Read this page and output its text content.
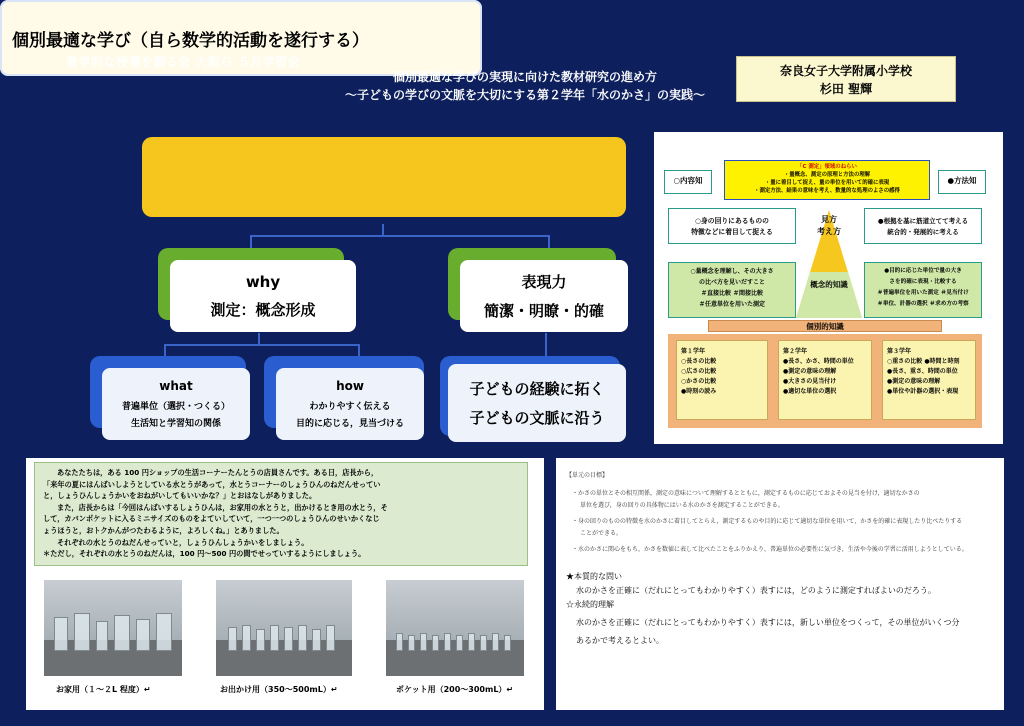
数学的な授業を創る会 大阪Ｇ ５月学習会
個別最適な学びの実現に向けた教材研究の進め方
～子どもの学びの文脈を大切にする第２学年「水のかさ」の実践～
奈良女子大学附属小学校
杉田 聖輝
個別最適な学び（自ら数学的活動を遂行する）
why
測定：概念形成
表現力
簡潔・明瞭・的確
what
普遍単位（選択・つくる）
生活知と学習知の関係
how
わかりやすく伝える
目的に応じる，見当づける
子どもの経験に拓く
子どもの文脈に沿う
○内容知	●方法知
「C 測定」領域のねらい
・量概念、測定の原理と方法の理解
・量に着目して捉え、量の単位を用いて的確に表現
・測定方法、結果の意味を考え、数量的な処理のよさの感得
見方
考え方
概念的知識
○身の回りにあるものの
特徴などに着目して捉える
●根拠を基に筋道立てて考える
統合的・発展的に考える
○量概念を理解し、その大きさ
の比べ方を見いだすこと
＃直接比較 ＃間接比較
＃任意単位を用いた測定
●目的に応じた単位で量の大き
さを的確に表現・比較する
＃普遍単位を用いた測定 ＃見当付け
＃単位、計器の選択 ＃求め方の考察
個別的知識
第１学年
○長さの比較
○広さの比較
○かさの比較
●時刻の読み
第２学年
●長さ、かさ、時間の単位
●測定の意味の理解
●大きさの見当付け
●適切な単位の選択
第３学年
○重さの比較 ●時間と時刻
●長さ、重さ、時間の単位
●測定の意味の理解
●単位や計器の選択・表現
あなたたちは，ある 100 円ショップの生活コーナーたんとうの店員さんです。ある日，店長から，
「来年の夏にはんばいしようとしている水とうがあって，水とうコーナーのしょうひんのねだんせってい
と，しょうひんしょうかいをおねがいしてもいいかな？」とおはなしがありました。
また，店長からは「今回はんばいするしょうひんは，お家用の水とうと，出かけるとき用の水とう，そ
して，カバンポケットに入るミニサイズのものをよていしていて，一つ一つのしょうひんのせいかくなじ
ょうほうと，おトクかんがつたわるように，よろしくね。」とありました。
それぞれの水とうのねだんせっていと，しょうひんしょうかいをしましょう。
＊ただし，それぞれの水とうのねだんは，100 円～500 円の間でせっていするようにしましょう。
お家用（１～２L 程度）↵	お出かけ用（350～500mL）↵	ポケット用（200～300mL）↵
【単元の目標】
・かさの単位とその相互関係，測定の意味について理解するとともに，測定するものに応じておよその見当を付け，適切なかさの
単位を選び，身の回りの具体物にはいる水のかさを測定することができる。
・身の回りのものの特徴を水のかさに着目してとらえ，測定するものや目的に応じて適切な単位を用いて，かさを的確に表現したり比べたりする
ことができる。
・水のかさに関心をもち，かさを数値に表して比べたことをふりかえり，普遍単位の必要性に気づき，生活や今後の学習に活用しようとしている。
★本質的な問い
水のかさを正確に（だれにとってもわかりやすく）表すには，どのように測定すればよいのだろう。
☆永続的理解
水のかさを正確に（だれにとってもわかりやすく）表すには，新しい単位をつくって，その単位がいくつ分
あるかで考えるとよい。
